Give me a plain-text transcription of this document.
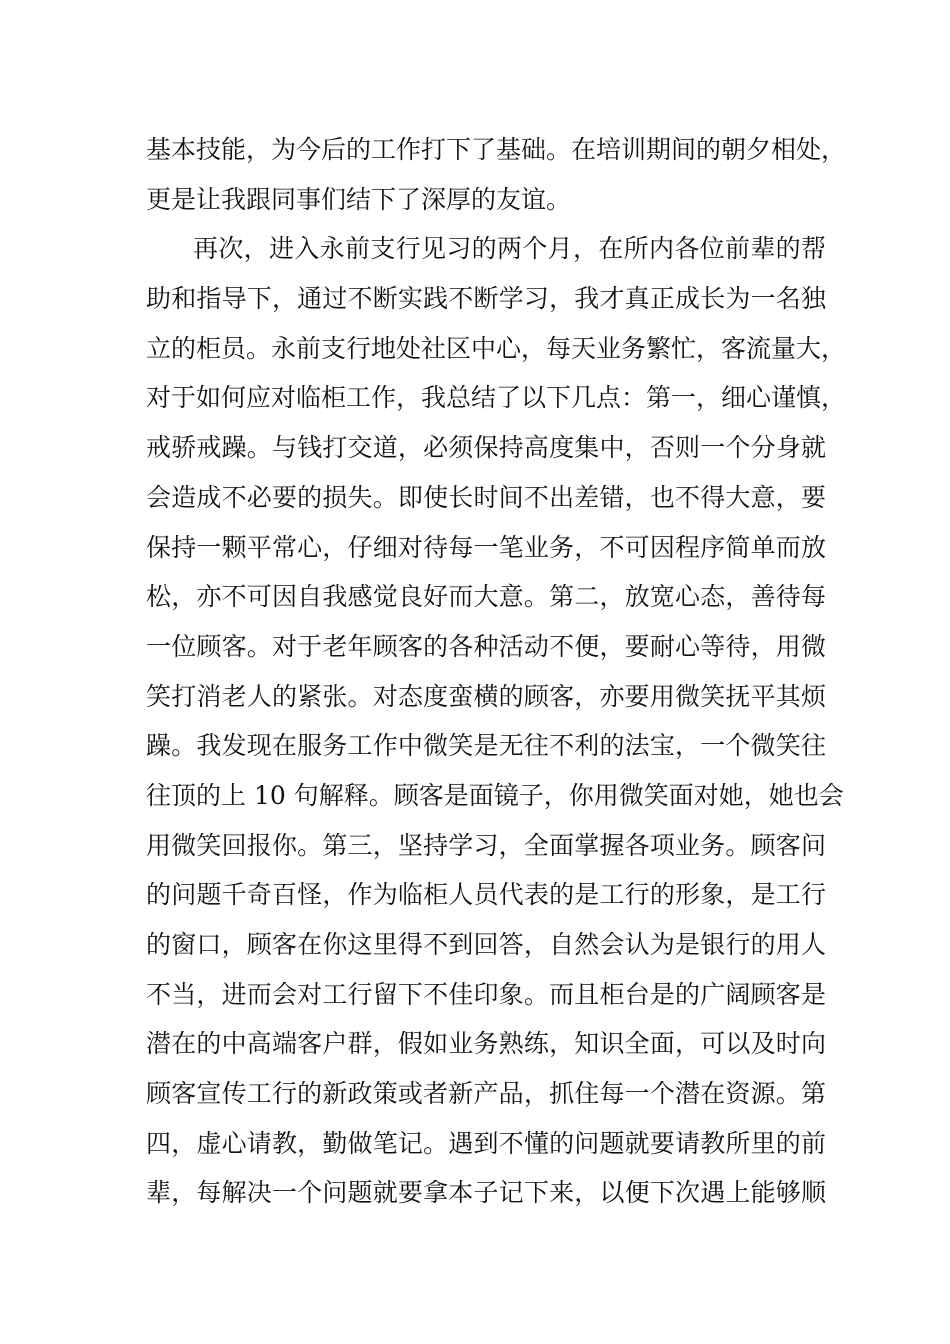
基本技能，为今后的工作打下了基础。在培训期间的朝夕相处，
更是让我跟同事们结下了深厚的友谊。
再次，进入永前支行见习的两个月，在所内各位前辈的帮
助和指导下，通过不断实践不断学习，我才真正成长为一名独
立的柜员。永前支行地处社区中心，每天业务繁忙，客流量大，
对于如何应对临柜工作，我总结了以下几点：第一，细心谨慎，
戒骄戒躁。与钱打交道，必须保持高度集中，否则一个分身就
会造成不必要的损失。即使长时间不出差错，也不得大意，要
保持一颗平常心，仔细对待每一笔业务，不可因程序简单而放
松，亦不可因自我感觉良好而大意。第二，放宽心态，善待每
一位顾客。对于老年顾客的各种活动不便，要耐心等待，用微
笑打消老人的紧张。对态度蛮横的顾客，亦要用微笑抚平其烦
躁。我发现在服务工作中微笑是无往不利的法宝，一个微笑往
往顶的上 10 句解释。顾客是面镜子，你用微笑面对她，她也会
用微笑回报你。第三，坚持学习，全面掌握各项业务。顾客问
的问题千奇百怪，作为临柜人员代表的是工行的形象，是工行
的窗口，顾客在你这里得不到回答，自然会认为是银行的用人
不当，进而会对工行留下不佳印象。而且柜台是的广阔顾客是
潜在的中高端客户群，假如业务熟练，知识全面，可以及时向
顾客宣传工行的新政策或者新产品，抓住每一个潜在资源。第
四，虚心请教，勤做笔记。遇到不懂的问题就要请教所里的前
辈，每解决一个问题就要拿本子记下来，以便下次遇上能够顺
